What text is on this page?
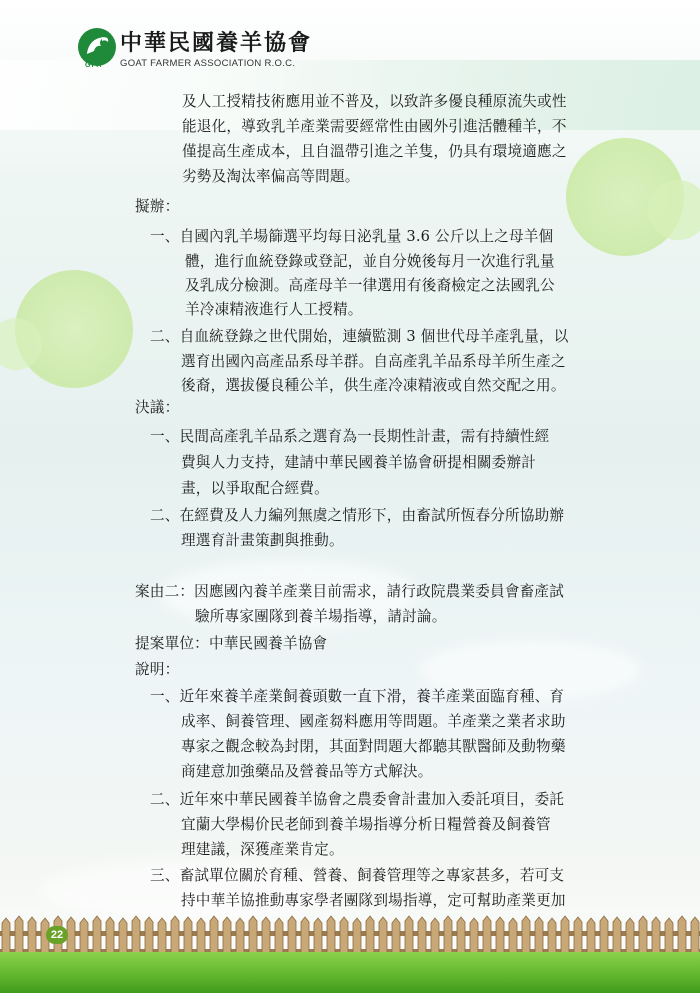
GFA
中華民國養羊協會
GOAT FARMER ASSOCIATION R.O.C.
及人工授精技術應用並不普及，以致許多優良種原流失或性
能退化，導致乳羊產業需要經常性由國外引進活體種羊，不
僅提高生產成本，且自溫帶引進之羊隻，仍具有環境適應之
劣勢及淘汰率偏高等問題。
擬辦：
一、自國內乳羊場篩選平均每日泌乳量 3.6 公斤以上之母羊個
體，進行血統登錄或登記，並自分娩後每月一次進行乳量
及乳成分檢測。高產母羊一律選用有後裔檢定之法國乳公
羊冷凍精液進行人工授精。
二、自血統登錄之世代開始，連續監測 3 個世代母羊產乳量，以
選育出國內高產品系母羊群。自高產乳羊品系母羊所生產之
後裔，選拔優良種公羊，供生產冷凍精液或自然交配之用。
決議：
一、民間高產乳羊品系之選育為一長期性計畫，需有持續性經
費與人力支持，建請中華民國養羊協會研提相關委辦計
畫，以爭取配合經費。
二、在經費及人力編列無虞之情形下，由畜試所恆春分所協助辦
理選育計畫策劃與推動。
案由二：因應國內養羊產業目前需求，請行政院農業委員會畜產試
驗所專家團隊到養羊場指導，請討論。
提案單位：中華民國養羊協會
說明：
一、近年來養羊產業飼養頭數一直下滑，養羊產業面臨育種、育
成率、飼養管理、國產芻料應用等問題。羊產業之業者求助
專家之觀念較為封閉，其面對問題大都聽其獸醫師及動物藥
商建意加強藥品及營養品等方式解決。
二、近年來中華民國養羊協會之農委會計畫加入委託項目，委託
宜蘭大學楊价民老師到養羊場指導分析日糧營養及飼養管
理建議，深獲產業肯定。
三、畜試單位關於育種、營養、飼養管理等之專家甚多，若可支
持中華羊協推動專家學者團隊到場指導，定可幫助產業更加
22
